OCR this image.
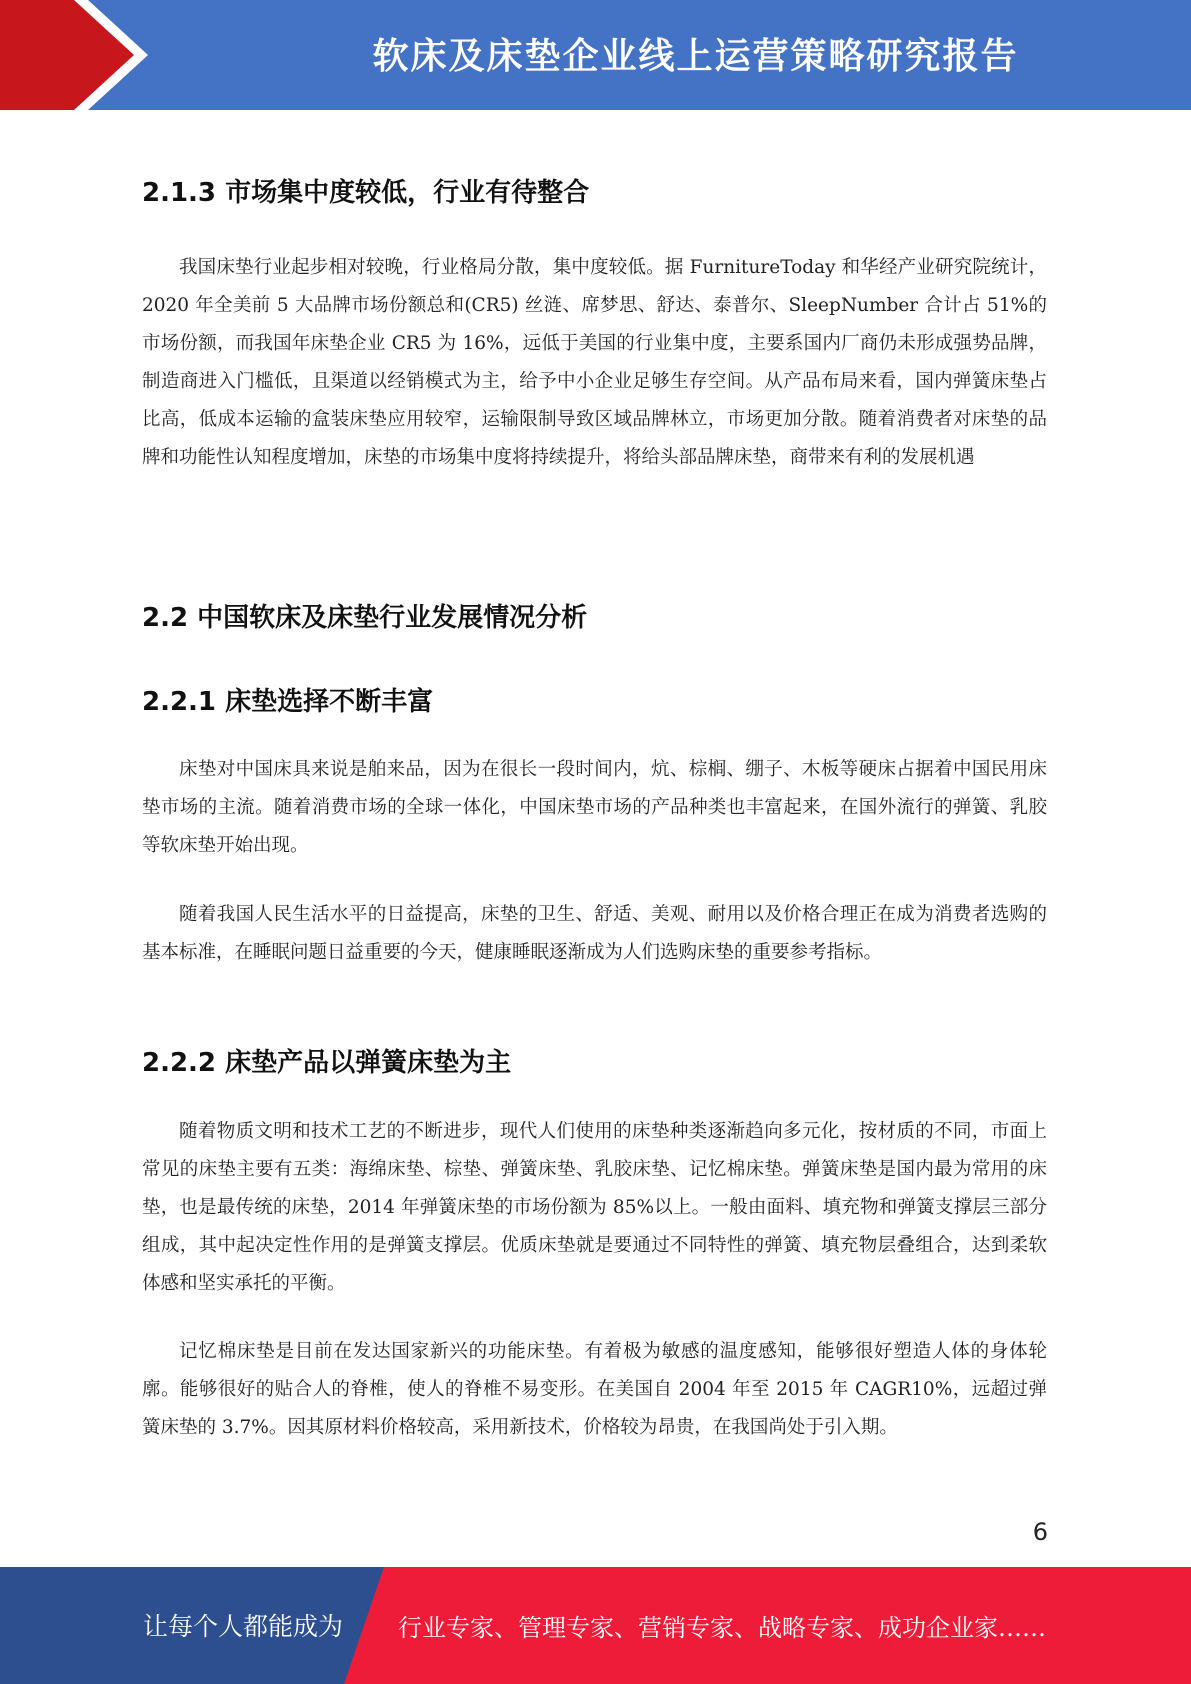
软床及床垫企业线上运营策略研究报告
2.1.3 市场集中度较低，行业有待整合
我国床垫行业起步相对较晚，行业格局分散，集中度较低。据 FurnitureToday 和华经产业研究院统计，2020 年全美前 5 大品牌市场份额总和(CR5) 丝涟、席梦思、舒达、泰普尔、SleepNumber 合计占 51%的市场份额，而我国年床垫企业 CR5 为 16%，远低于美国的行业集中度，主要系国内厂商仍未形成强势品牌，制造商进入门槛低，且渠道以经销模式为主，给予中小企业足够生存空间。从产品布局来看，国内弹簧床垫占比高，低成本运输的盒装床垫应用较窄，运输限制导致区域品牌林立，市场更加分散。随着消费者对床垫的品牌和功能性认知程度增加，床垫的市场集中度将持续提升，将给头部品牌床垫，商带来有利的发展机遇
2.2 中国软床及床垫行业发展情况分析
2.2.1 床垫选择不断丰富
床垫对中国床具来说是舶来品，因为在很长一段时间内，炕、棕榈、绷子、木板等硬床占据着中国民用床垫市场的主流。随着消费市场的全球一体化，中国床垫市场的产品种类也丰富起来，在国外流行的弹簧、乳胶等软床垫开始出现。
随着我国人民生活水平的日益提高，床垫的卫生、舒适、美观、耐用以及价格合理正在成为消费者选购的基本标准，在睡眠问题日益重要的今天，健康睡眠逐渐成为人们选购床垫的重要参考指标。
2.2.2 床垫产品以弹簧床垫为主
随着物质文明和技术工艺的不断进步，现代人们使用的床垫种类逐渐趋向多元化，按材质的不同，市面上常见的床垫主要有五类：海绵床垫、棕垫、弹簧床垫、乳胶床垫、记忆棉床垫。弹簧床垫是国内最为常用的床垫，也是最传统的床垫，2014 年弹簧床垫的市场份额为 85%以上。一般由面料、填充物和弹簧支撑层三部分组成，其中起决定性作用的是弹簧支撑层。优质床垫就是要通过不同特性的弹簧、填充物层叠组合，达到柔软体感和坚实承托的平衡。
记忆棉床垫是目前在发达国家新兴的功能床垫。有着极为敏感的温度感知，能够很好塑造人体的身体轮廓。能够很好的贴合人的脊椎，使人的脊椎不易变形。在美国自 2004 年至 2015 年 CAGR10%，远超过弹簧床垫的 3.7%。因其原材料价格较高，采用新技术，价格较为昂贵，在我国尚处于引入期。
6
让每个人都能成为 行业专家、管理专家、营销专家、战略专家、成功企业家……
